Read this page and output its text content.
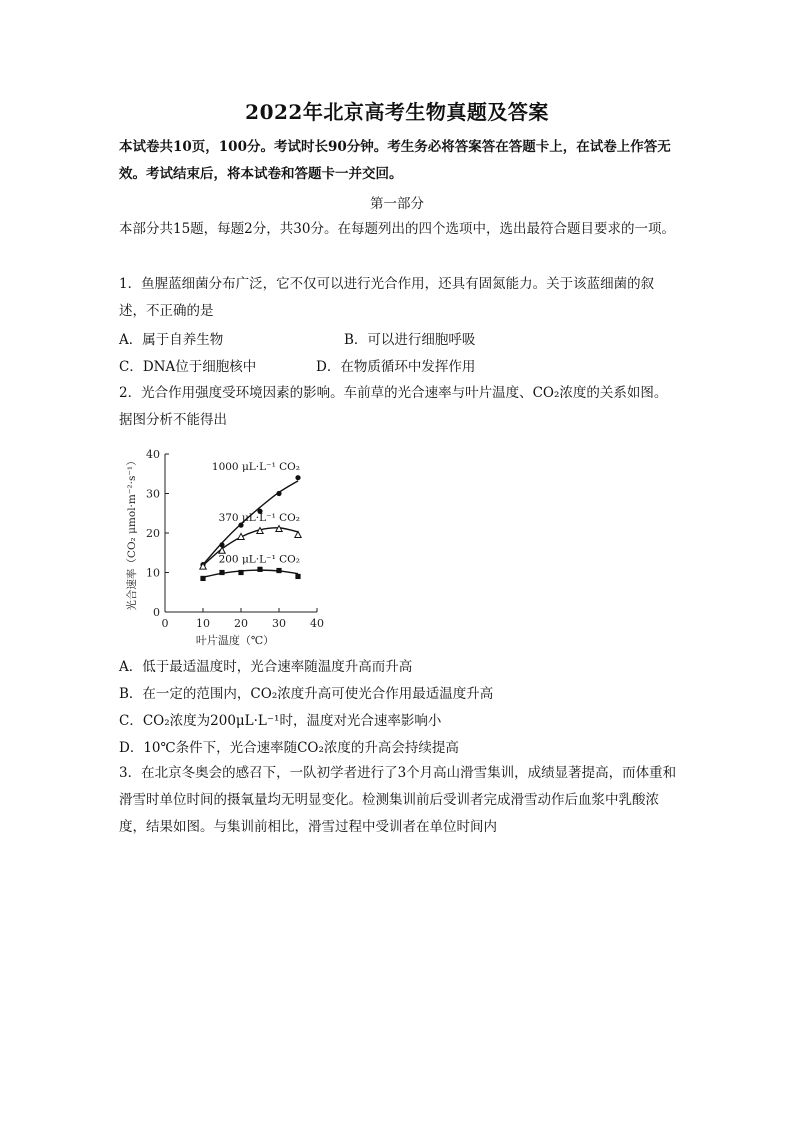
2022年北京高考生物真题及答案
本试卷共10页，100分。考试时长90分钟。考生务必将答案答在答题卡上，在试卷上作答无效。考试结束后，将本试卷和答题卡一并交回。
第一部分
本部分共15题，每题2分，共30分。在每题列出的四个选项中，选出最符合题目要求的一项。
1．鱼腥蓝细菌分布广泛，它不仅可以进行光合作用，还具有固氮能力。关于该蓝细菌的叙述，不正确的是
A．属于自养生物	B．可以进行细胞呼吸
C．DNA位于细胞核中	D．在物质循环中发挥作用
2．光合作用强度受环境因素的影响。车前草的光合速率与叶片温度、CO₂浓度的关系如图。据图分析不能得出
0	10 20 30 40
0
10
20
30
40
叶片温度（℃）
光合速率（CO₂ μmol·m⁻²·s⁻¹）	1000 μL·L⁻¹ CO₂
370 μL·L⁻¹ CO₂
200 μL·L⁻¹ CO₂
A．低于最适温度时，光合速率随温度升高而升高
B．在一定的范围内，CO₂浓度升高可使光合作用最适温度升高
C．CO₂浓度为200μL·L⁻¹时，温度对光合速率影响小
D．10℃条件下，光合速率随CO₂浓度的升高会持续提高
3．在北京冬奥会的感召下，一队初学者进行了3个月高山滑雪集训，成绩显著提高，而体重和滑雪时单位时间的摄氧量均无明显变化。检测集训前后受训者完成滑雪动作后血浆中乳酸浓度，结果如图。与集训前相比，滑雪过程中受训者在单位时间内
